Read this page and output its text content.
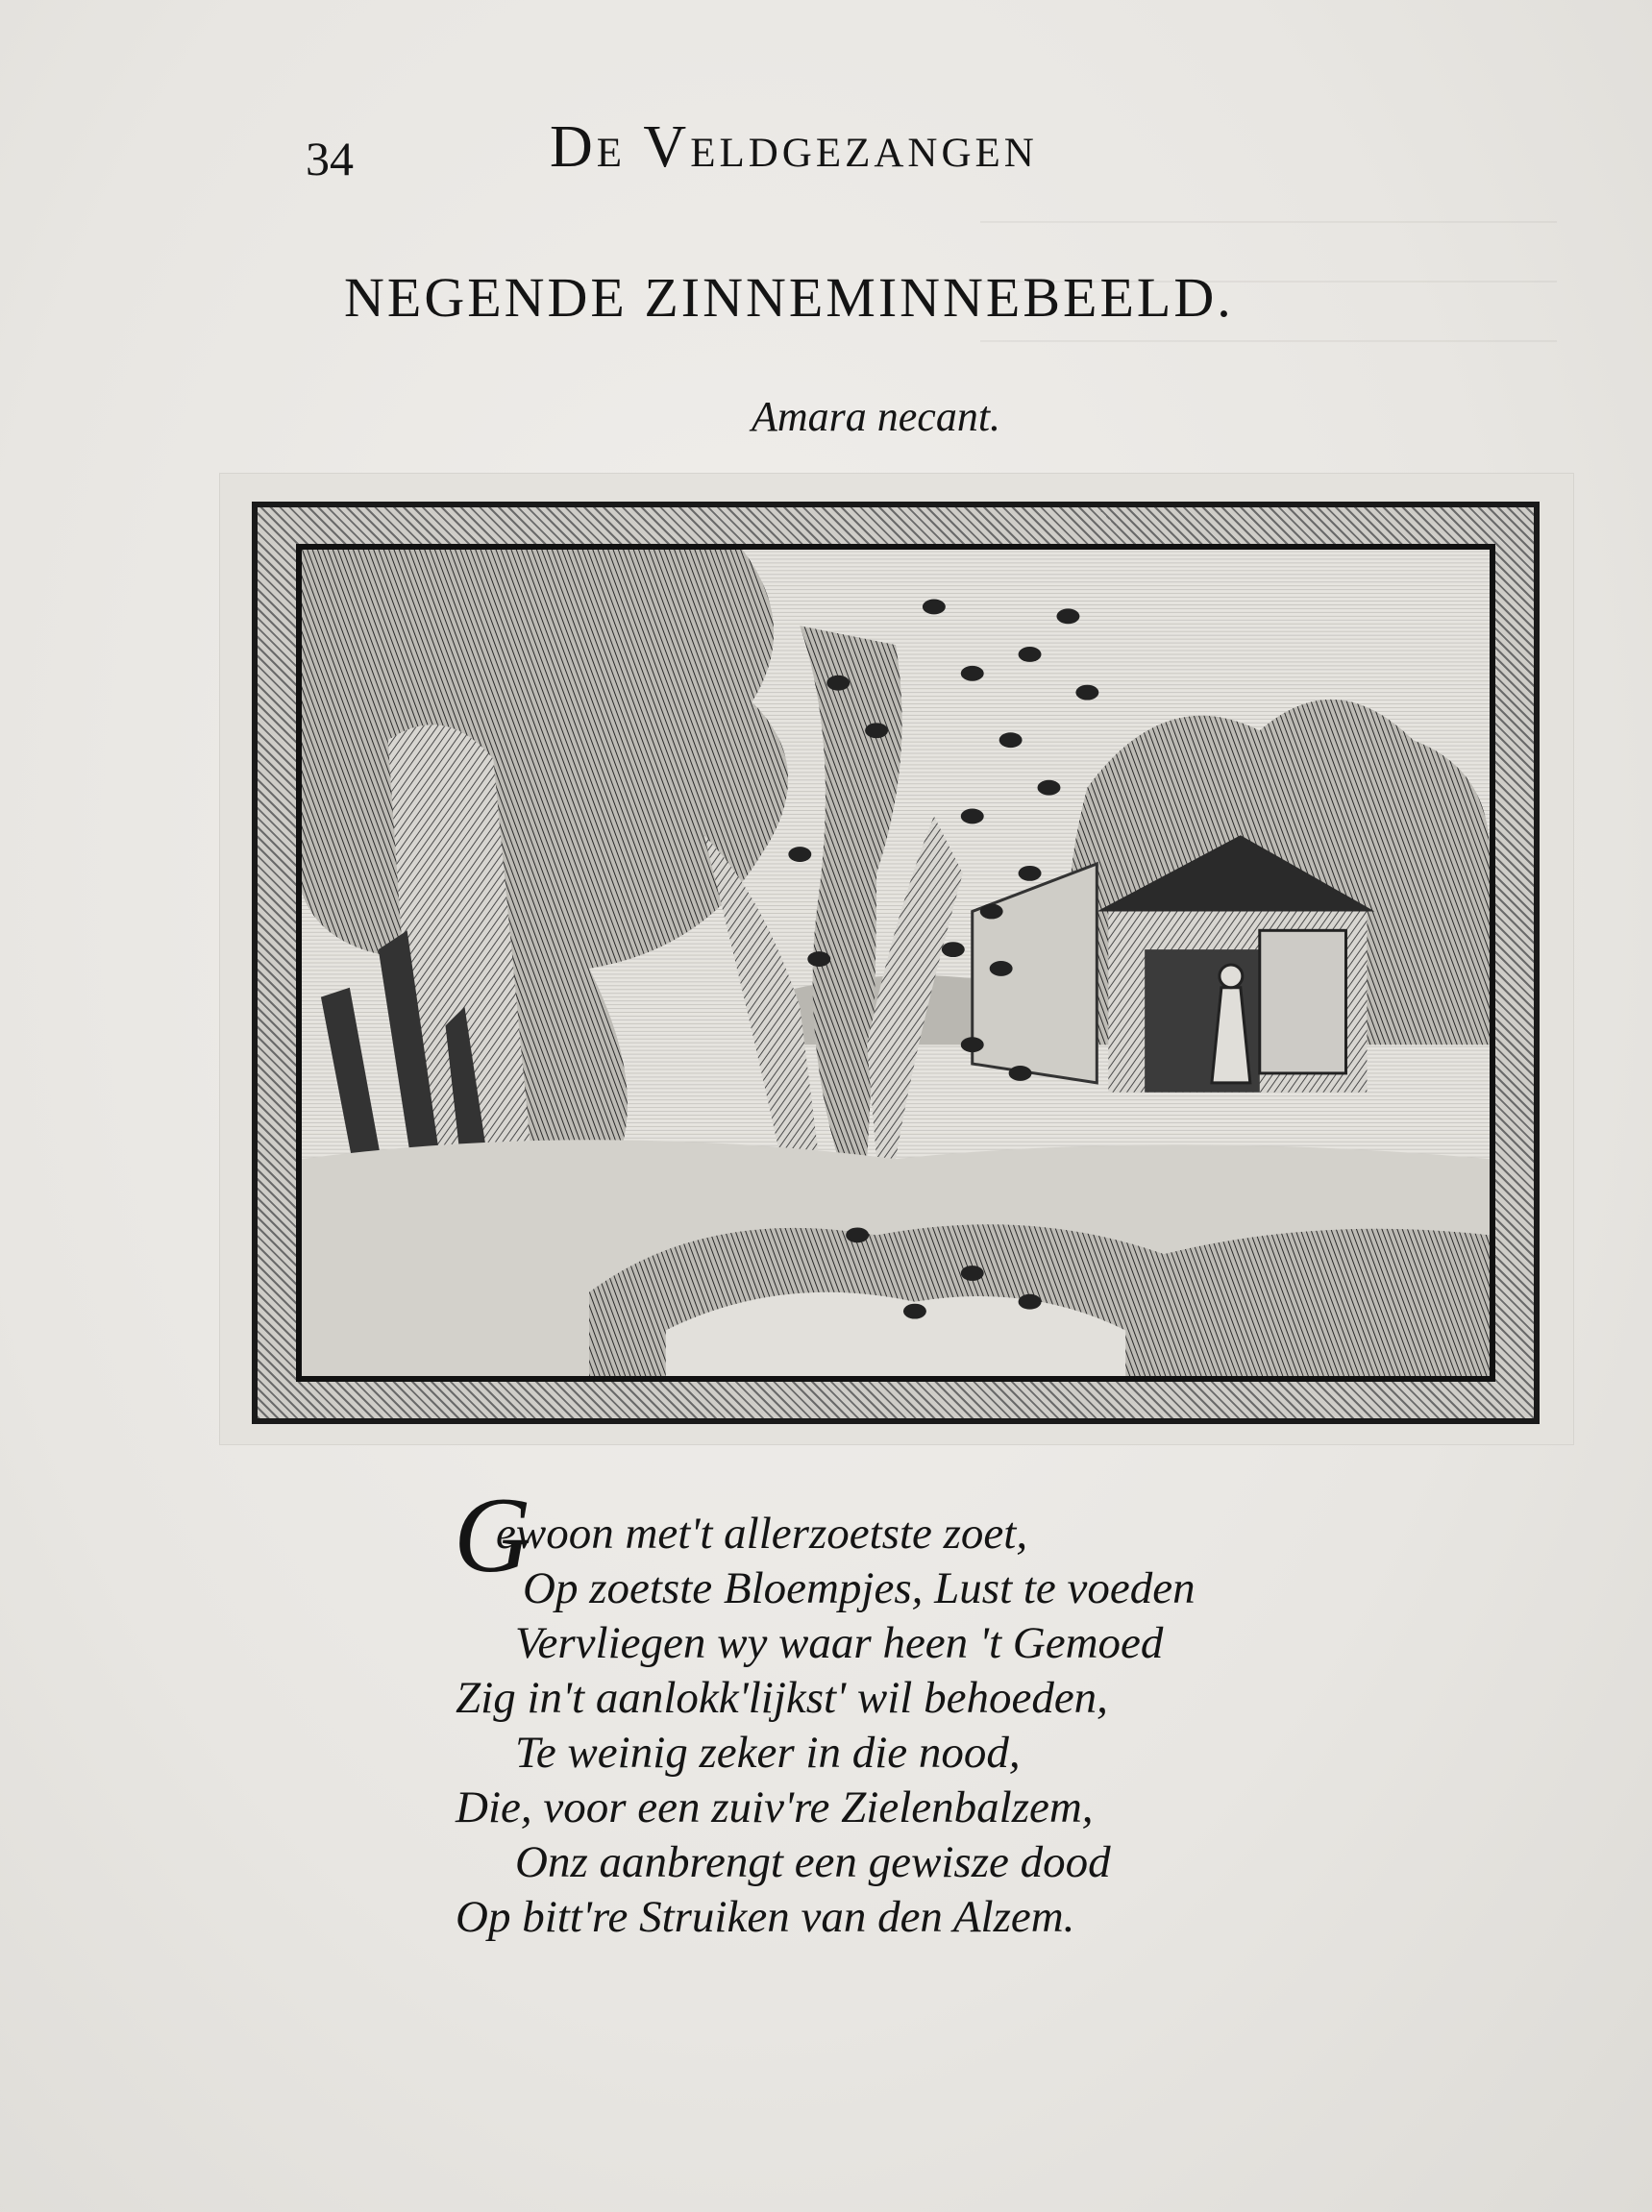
34	De Veldgezangen
NEGENDE ZINNEMINNEBEELD.
Amara necant.
G
ewoon met't allerzoetste zoet,
Op zoetste Bloempjes, Lust te voeden
Vervliegen wy waar heen 't Gemoed
Zig in't aanlokk'lijkst' wil behoeden,
Te weinig zeker in die nood,
Die, voor een zuiv're Zielenbalzem,
Onz aanbrengt een gewisze dood
Op bitt're Struiken van den Alzem.
